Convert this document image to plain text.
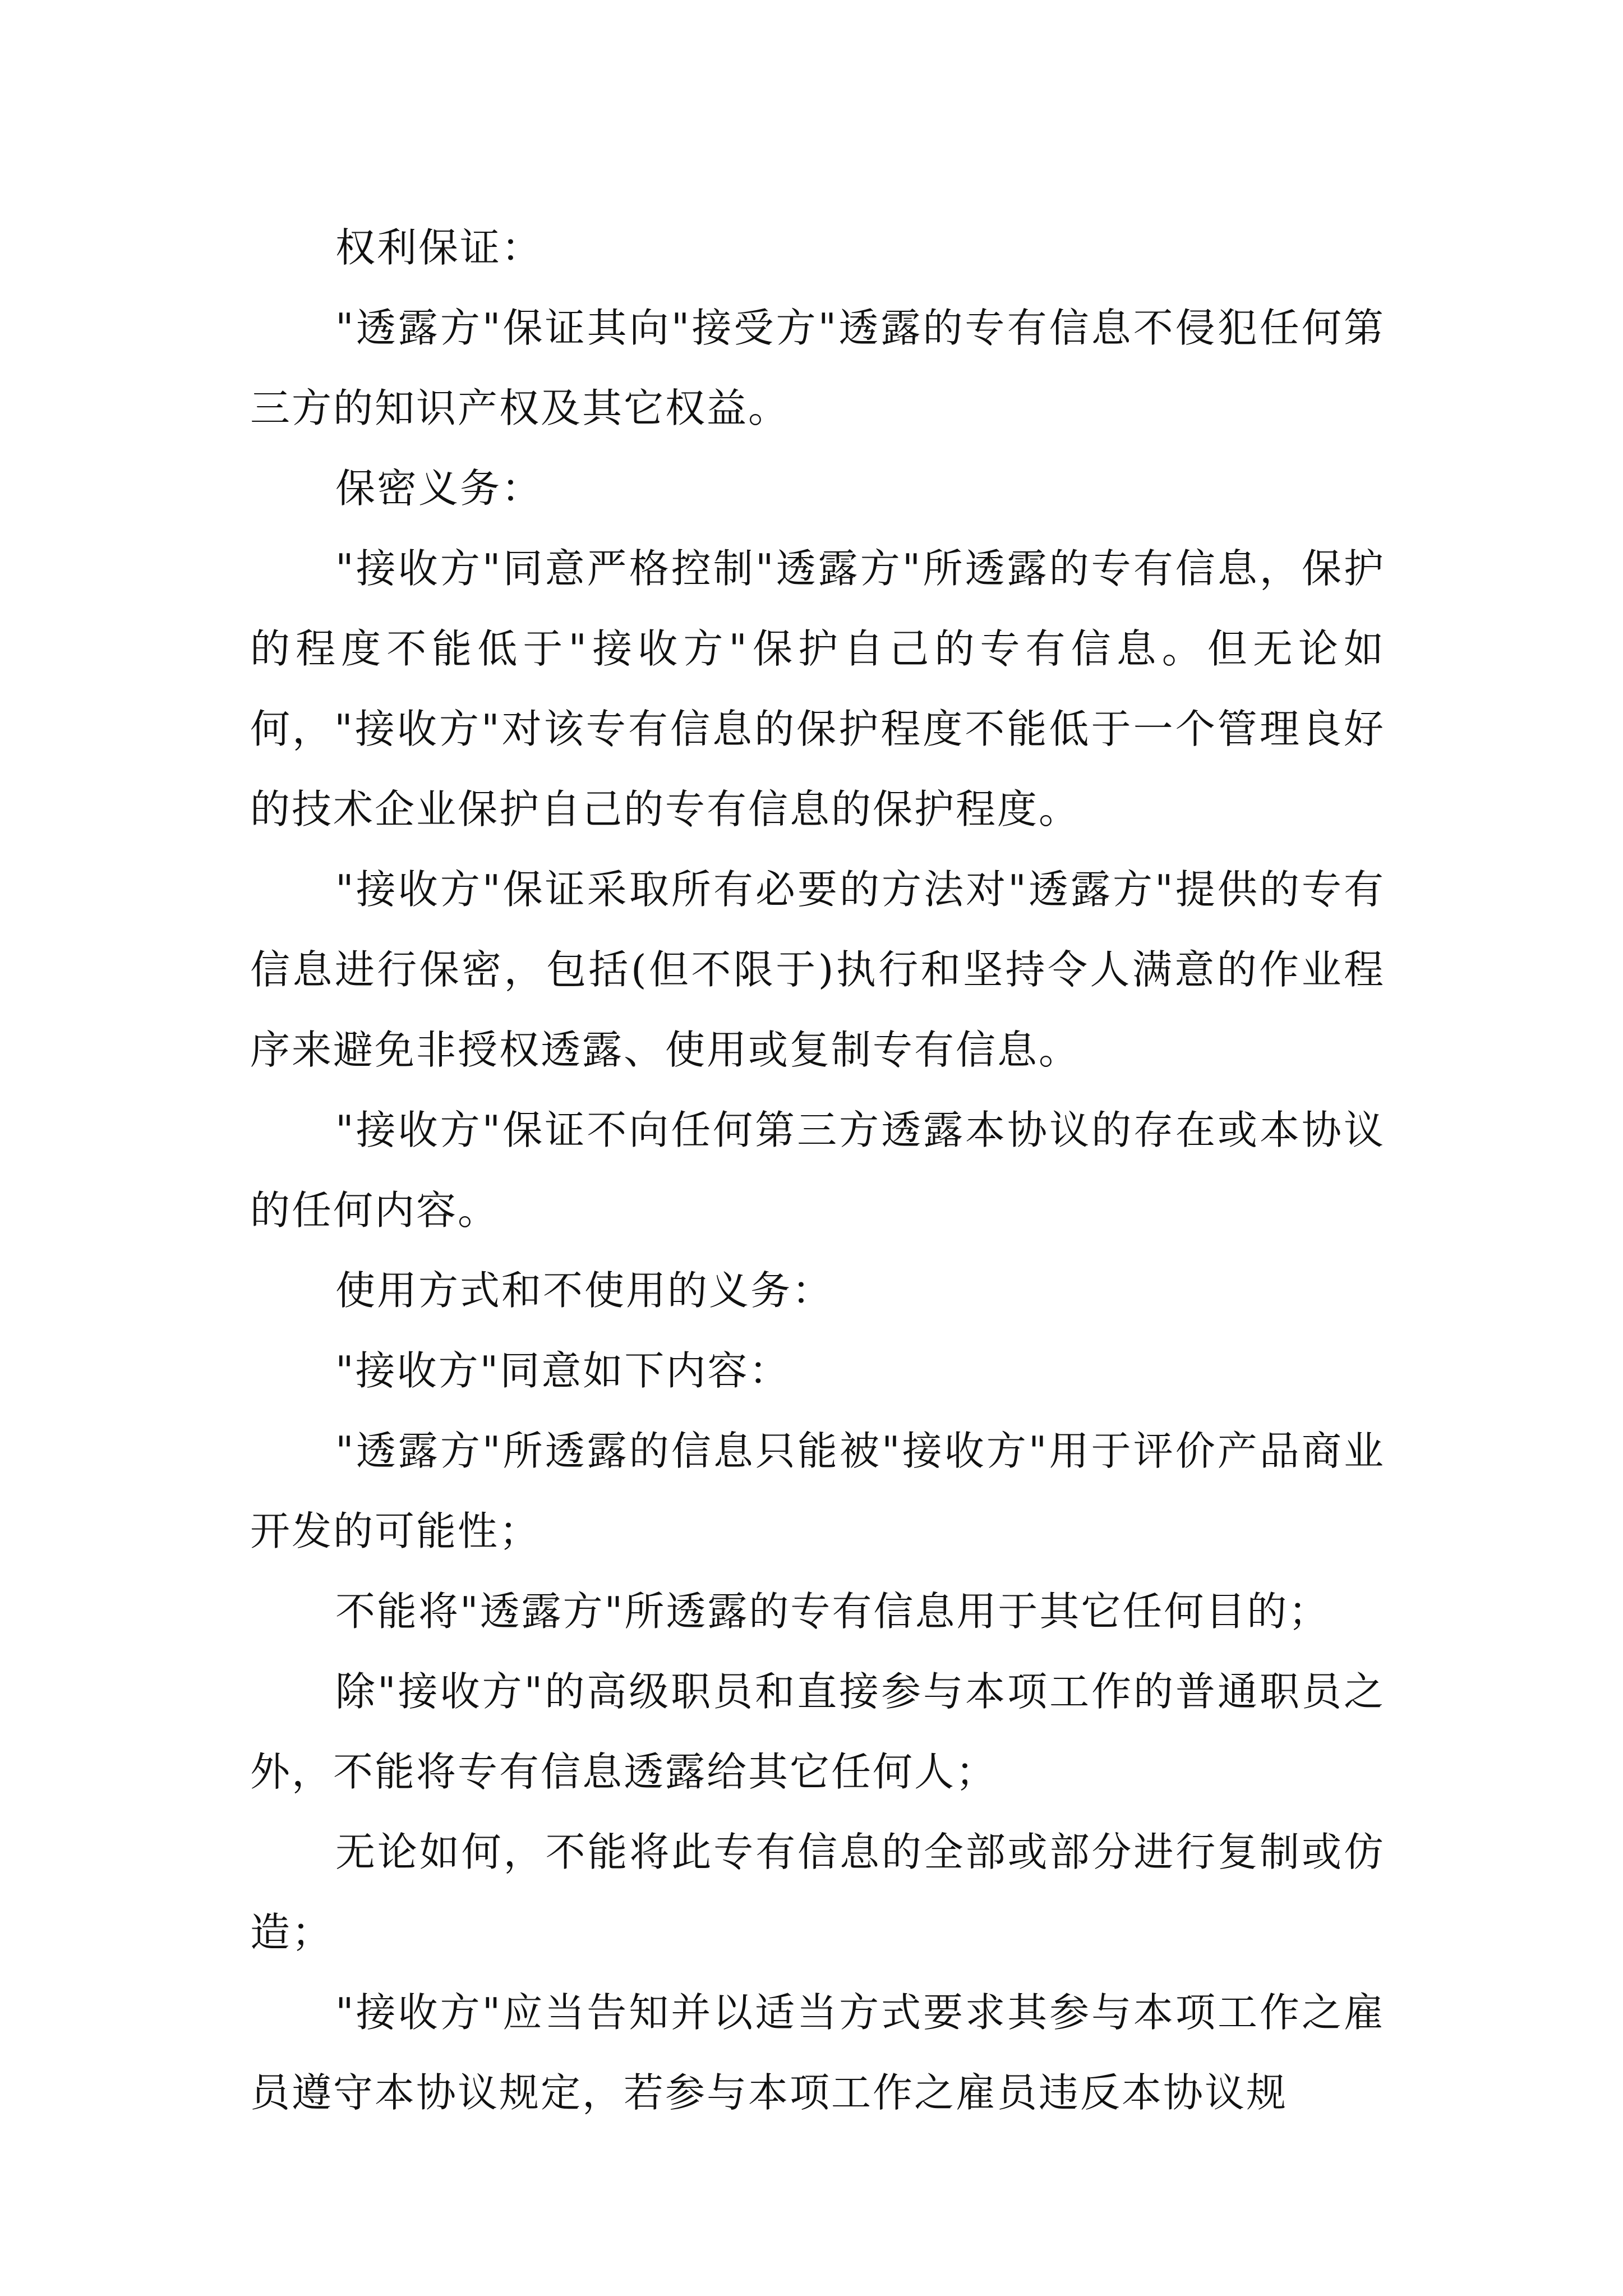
权利保证：

"透露方"保证其向"接受方"透露的专有信息不侵犯任何第三方的知识产权及其它权益。

保密义务：

"接收方"同意严格控制"透露方"所透露的专有信息，保护的程度不能低于"接收方"保护自己的专有信息。但无论如何，"接收方"对该专有信息的保护程度不能低于一个管理良好的技术企业保护自己的专有信息的保护程度。

"接收方"保证采取所有必要的方法对"透露方"提供的专有信息进行保密，包括(但不限于)执行和坚持令人满意的作业程序来避免非授权透露、使用或复制专有信息。

"接收方"保证不向任何第三方透露本协议的存在或本协议的任何内容。

使用方式和不使用的义务：

"接收方"同意如下内容：

"透露方"所透露的信息只能被"接收方"用于评价产品商业开发的可能性；

不能将"透露方"所透露的专有信息用于其它任何目的；

除"接收方"的高级职员和直接参与本项工作的普通职员之外，不能将专有信息透露给其它任何人；

无论如何，不能将此专有信息的全部或部分进行复制或仿造；

"接收方"应当告知并以适当方式要求其参与本项工作之雇员遵守本协议规定，若参与本项工作之雇员违反本协议规
